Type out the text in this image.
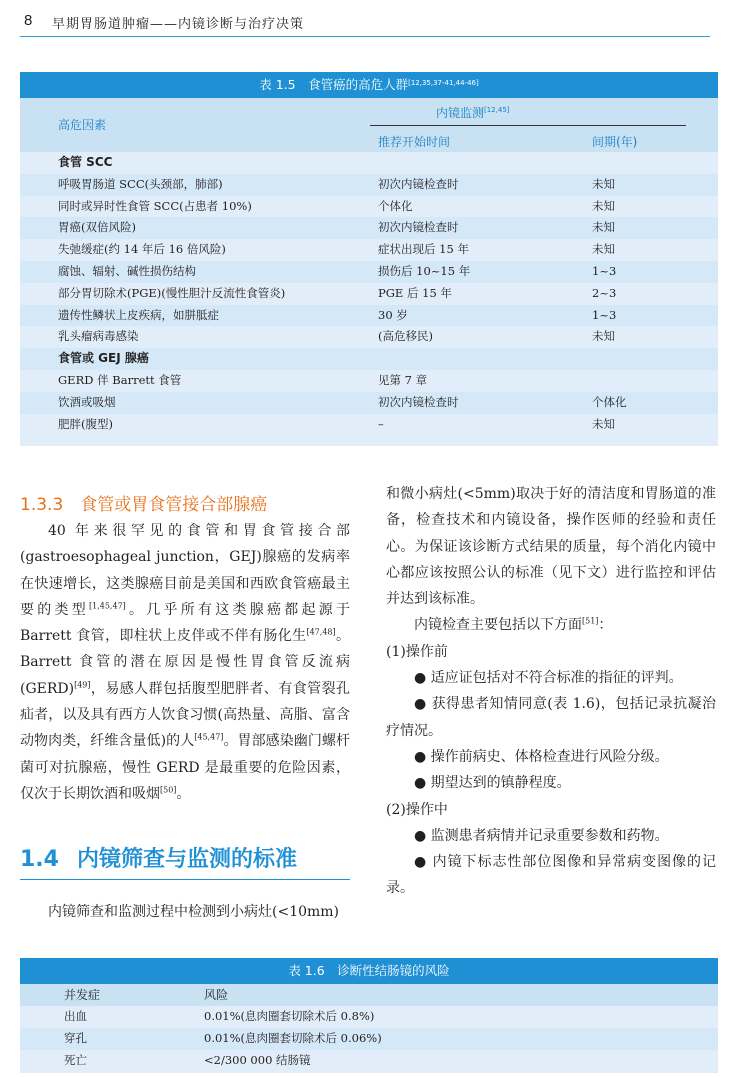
8 早期胃肠道肿瘤——内镜诊断与治疗决策
表 1.5　食管癌的高危人群[12,35,37-41,44-46]
高危因素
内镜监测[12,45]
推荐开始时间	间期(年)
食管 SCC
呼吸胃肠道 SCC(头颈部，肺部)	初次内镜检查时	未知
同时或异时性食管 SCC(占患者 10%)	个体化	未知
胃癌(双倍风险)	初次内镜检查时	未知
失弛缓症(约 14 年后 16 倍风险)	症状出现后 15 年	未知
腐蚀、辐射、碱性损伤结构	损伤后 10~15 年	1~3
部分胃切除术(PGE)(慢性胆汁反流性食管炎)	PGE 后 15 年	2~3
遗传性鳞状上皮疾病，如胼胝症	30 岁	1~3
乳头瘤病毒感染	(高危移民)	未知
食管或 GEJ 腺癌
GERD 伴 Barrett 食管	见第 7 章
饮酒或吸烟	初次内镜检查时	个体化
肥胖(腹型)	–	未知
1.3.3　食管或胃食管接合部腺癌

40 年来很罕见的食管和胃食管接合部(gastroesophageal junction，GEJ)腺癌的发病率在快速增长，这类腺癌目前是美国和西欧食管癌最主要的类型[1,45,47]。几乎所有这类腺癌都起源于 Barrett 食管，即柱状上皮伴或不伴有肠化生[47,48]。Barrett 食管的潜在原因是慢性胃食管反流病(GERD)[49]，易感人群包括腹型肥胖者、有食管裂孔疝者，以及具有西方人饮食习惯(高热量、高脂、富含动物肉类，纤维含量低)的人[45,47]。胃部感染幽门螺杆菌可对抗腺癌，慢性 GERD 是最重要的危险因素，仅次于长期饮酒和吸烟[50]。

1.4 内镜筛查与监测的标准

内镜筛查和监测过程中检测到小病灶(<10mm)

和微小病灶(<5mm)取决于好的清洁度和胃肠道的准备，检查技术和内镜设备，操作医师的经验和责任心。为保证该诊断方式结果的质量，每个消化内镜中心都应该按照公认的标准（见下文）进行监控和评估并达到该标准。

内镜检查主要包括以下方面[51]：

(1)操作前

● 适应证包括对不符合标准的指征的评判。

● 获得患者知情同意(表 1.6)，包括记录抗凝治疗情况。

● 操作前病史、体格检查进行风险分级。

● 期望达到的镇静程度。

(2)操作中

● 监测患者病情并记录重要参数和药物。

● 内镜下标志性部位图像和异常病变图像的记录。

表 1.6　诊断性结肠镜的风险
并发症	风险
出血	0.01%(息肉圈套切除术后 0.8%)
穿孔	0.01%(息肉圈套切除术后 0.06%)
死亡	<2/300 000 结肠镜
